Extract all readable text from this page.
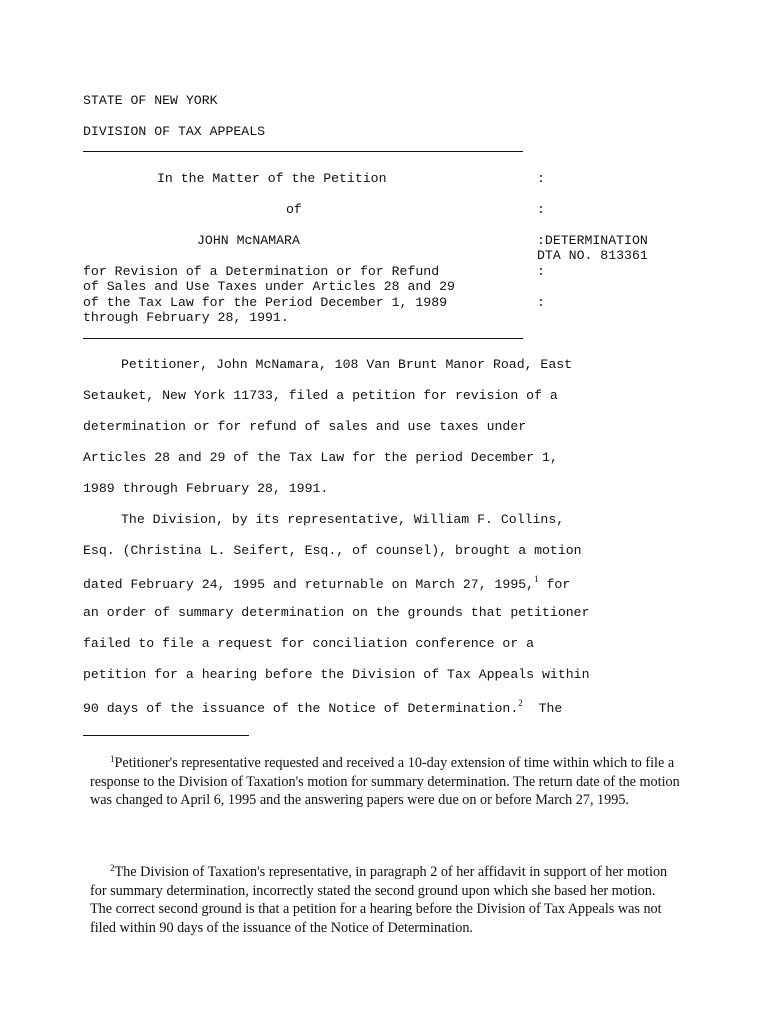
STATE OF NEW YORK
DIVISION OF TAX APPEALS
In the Matter of the Petition	:
of	:
JOHN McNAMARA	:DETERMINATION
DTA NO. 813361
for Revision of a Determination or for Refund	:
of Sales and Use Taxes under Articles 28 and 29
of the Tax Law for the Period December 1, 1989	:
through February 28, 1991.
Petitioner, John McNamara, 108 Van Brunt Manor Road, East
Setauket, New York 11733, filed a petition for revision of a
determination or for refund of sales and use taxes under
Articles 28 and 29 of the Tax Law for the period December 1,
1989 through February 28, 1991.
The Division, by its representative, William F. Collins,
Esq. (Christina L. Seifert, Esq., of counsel), brought a motion
dated February 24, 1995 and returnable on March 27, 1995,$^1$ for
an order of summary determination on the grounds that petitioner
failed to file a request for conciliation conference or a
petition for a hearing before the Division of Tax Appeals within
90 days of the issuance of the Notice of Determination.$^2$ The
$^1$Petitioner's representative requested and received a 10-day extension of time within which to file a response to the Division of Taxation's motion for summary determination. The return date of the motion was changed to April 6, 1995 and the answering papers were due on or before March 27, 1995.
$^2$The Division of Taxation's representative, in paragraph 2 of her affidavit in support of her motion for summary determination, incorrectly stated the second ground upon which she based her motion. The correct second ground is that a petition for a hearing before the Division of Tax Appeals was not filed within 90 days of the issuance of the Notice of Determination.
